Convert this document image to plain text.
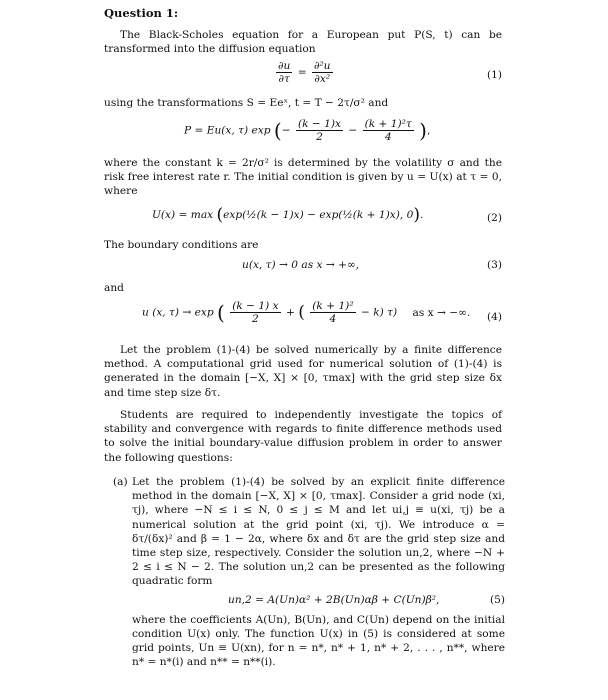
Question 1:

The Black-Scholes equation for a European put P(S, t) can be transformed into the diffusion equation

$\frac{\partial u}{\partial\tau} = \frac{\text{∂²u}}{\text{∂x²}}$	(1)

using the transformations S = Eeˣ, t = T − 2τ/σ² and

P = Eu(x, τ) exp (− $\frac{(k - 1)x}{2} - \frac{\text{(k + 1)²τ}}{4}$ ),

where the constant k = 2r/σ² is determined by the volatility σ and the risk free interest rate r. The initial condition is given by u = U(x) at τ = 0, where

U(x) = max (exp(½(k − 1)x) − exp(½(k + 1)x), 0).	(2)

The boundary conditions are

u(x, τ) → 0 as x → +∞,	(3)

and

u (x, τ) → exp ( $\frac{(k - 1) x}{2}$ + ( $\frac{\text{(k + 1)²}}{4} - k$) τ) as x → −∞. (4)

Let the problem (1)-(4) be solved numerically by a finite difference method. A computational grid used for numerical solution of (1)-(4) is generated in the domain [−X, X] × [0, τmax] with the grid step size δx and time step size δτ.

Students are required to independently investigate the topics of stability and convergence with regards to finite difference methods used to solve the initial boundary-value diffusion problem in order to answer the following questions:

(a) Let the problem (1)-(4) be solved by an explicit finite difference method in the domain [−X, X] × [0, τmax]. Consider a grid node (xi, τj), where −N ≤ i ≤ N, 0 ≤ j ≤ M and let ui,j ≡ u(xi, τj) be a numerical solution at the grid point (xi, τj). We introduce α = δτ/(δx)² and β = 1 − 2α, where δx and δτ are the grid step size and time step size, respectively. Consider the solution un,2, where −N + 2 ≤ i ≤ N − 2. The solution un,2 can be presented as the following quadratic form

un,2 = A(Un)α² + 2B(Un)αβ + C(Un)β²,	(5)

where the coefficients A(Un), B(Un), and C(Un) depend on the initial condition U(x) only. The function U(x) in (5) is considered at some grid points, Un ≡ U(xn), for n = n*, n* + 1, n* + 2, . . . , n**, where n* = n*(i) and n** = n**(i).
